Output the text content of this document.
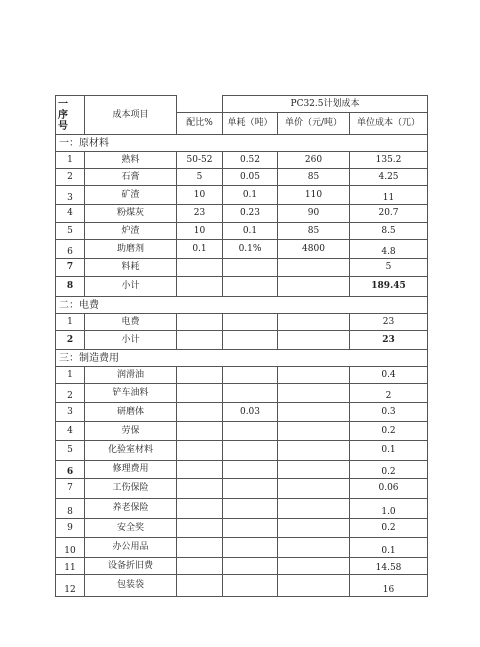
一
序
号	成本项目		PC32.5计划成本		
		配比%	单耗（吨）	单价（元/吨）	单位成本（兀）
一：原材料					
1	熟料	50-52	0.52	260	135.2
2	石膏	5	0.05	85	4.25
3	矿渣	10	0.1	110	11
4	粉煤灰	23	0.23	90	20.7
5	炉渣	10	0.1	85	8.5
6	助磨剂	0.1	0.1%	4800	4.8
7	料耗				5
8	小计				189.45
二：电费					
1	电费				23
2	小计				23
三：制造费用					
1	润滑油				0.4
2	铲车油料				2
3	研磨体		0.03		0.3
4	劳保				0.2
5	化验室材料				0.1
6	修理费用				0.2
7	工伤保险				0.06
8	养老保险				1.0
9	安全奖				0.2
10	办公用品				0.1
11	设备折旧费				14.58
12	包装袋				16
